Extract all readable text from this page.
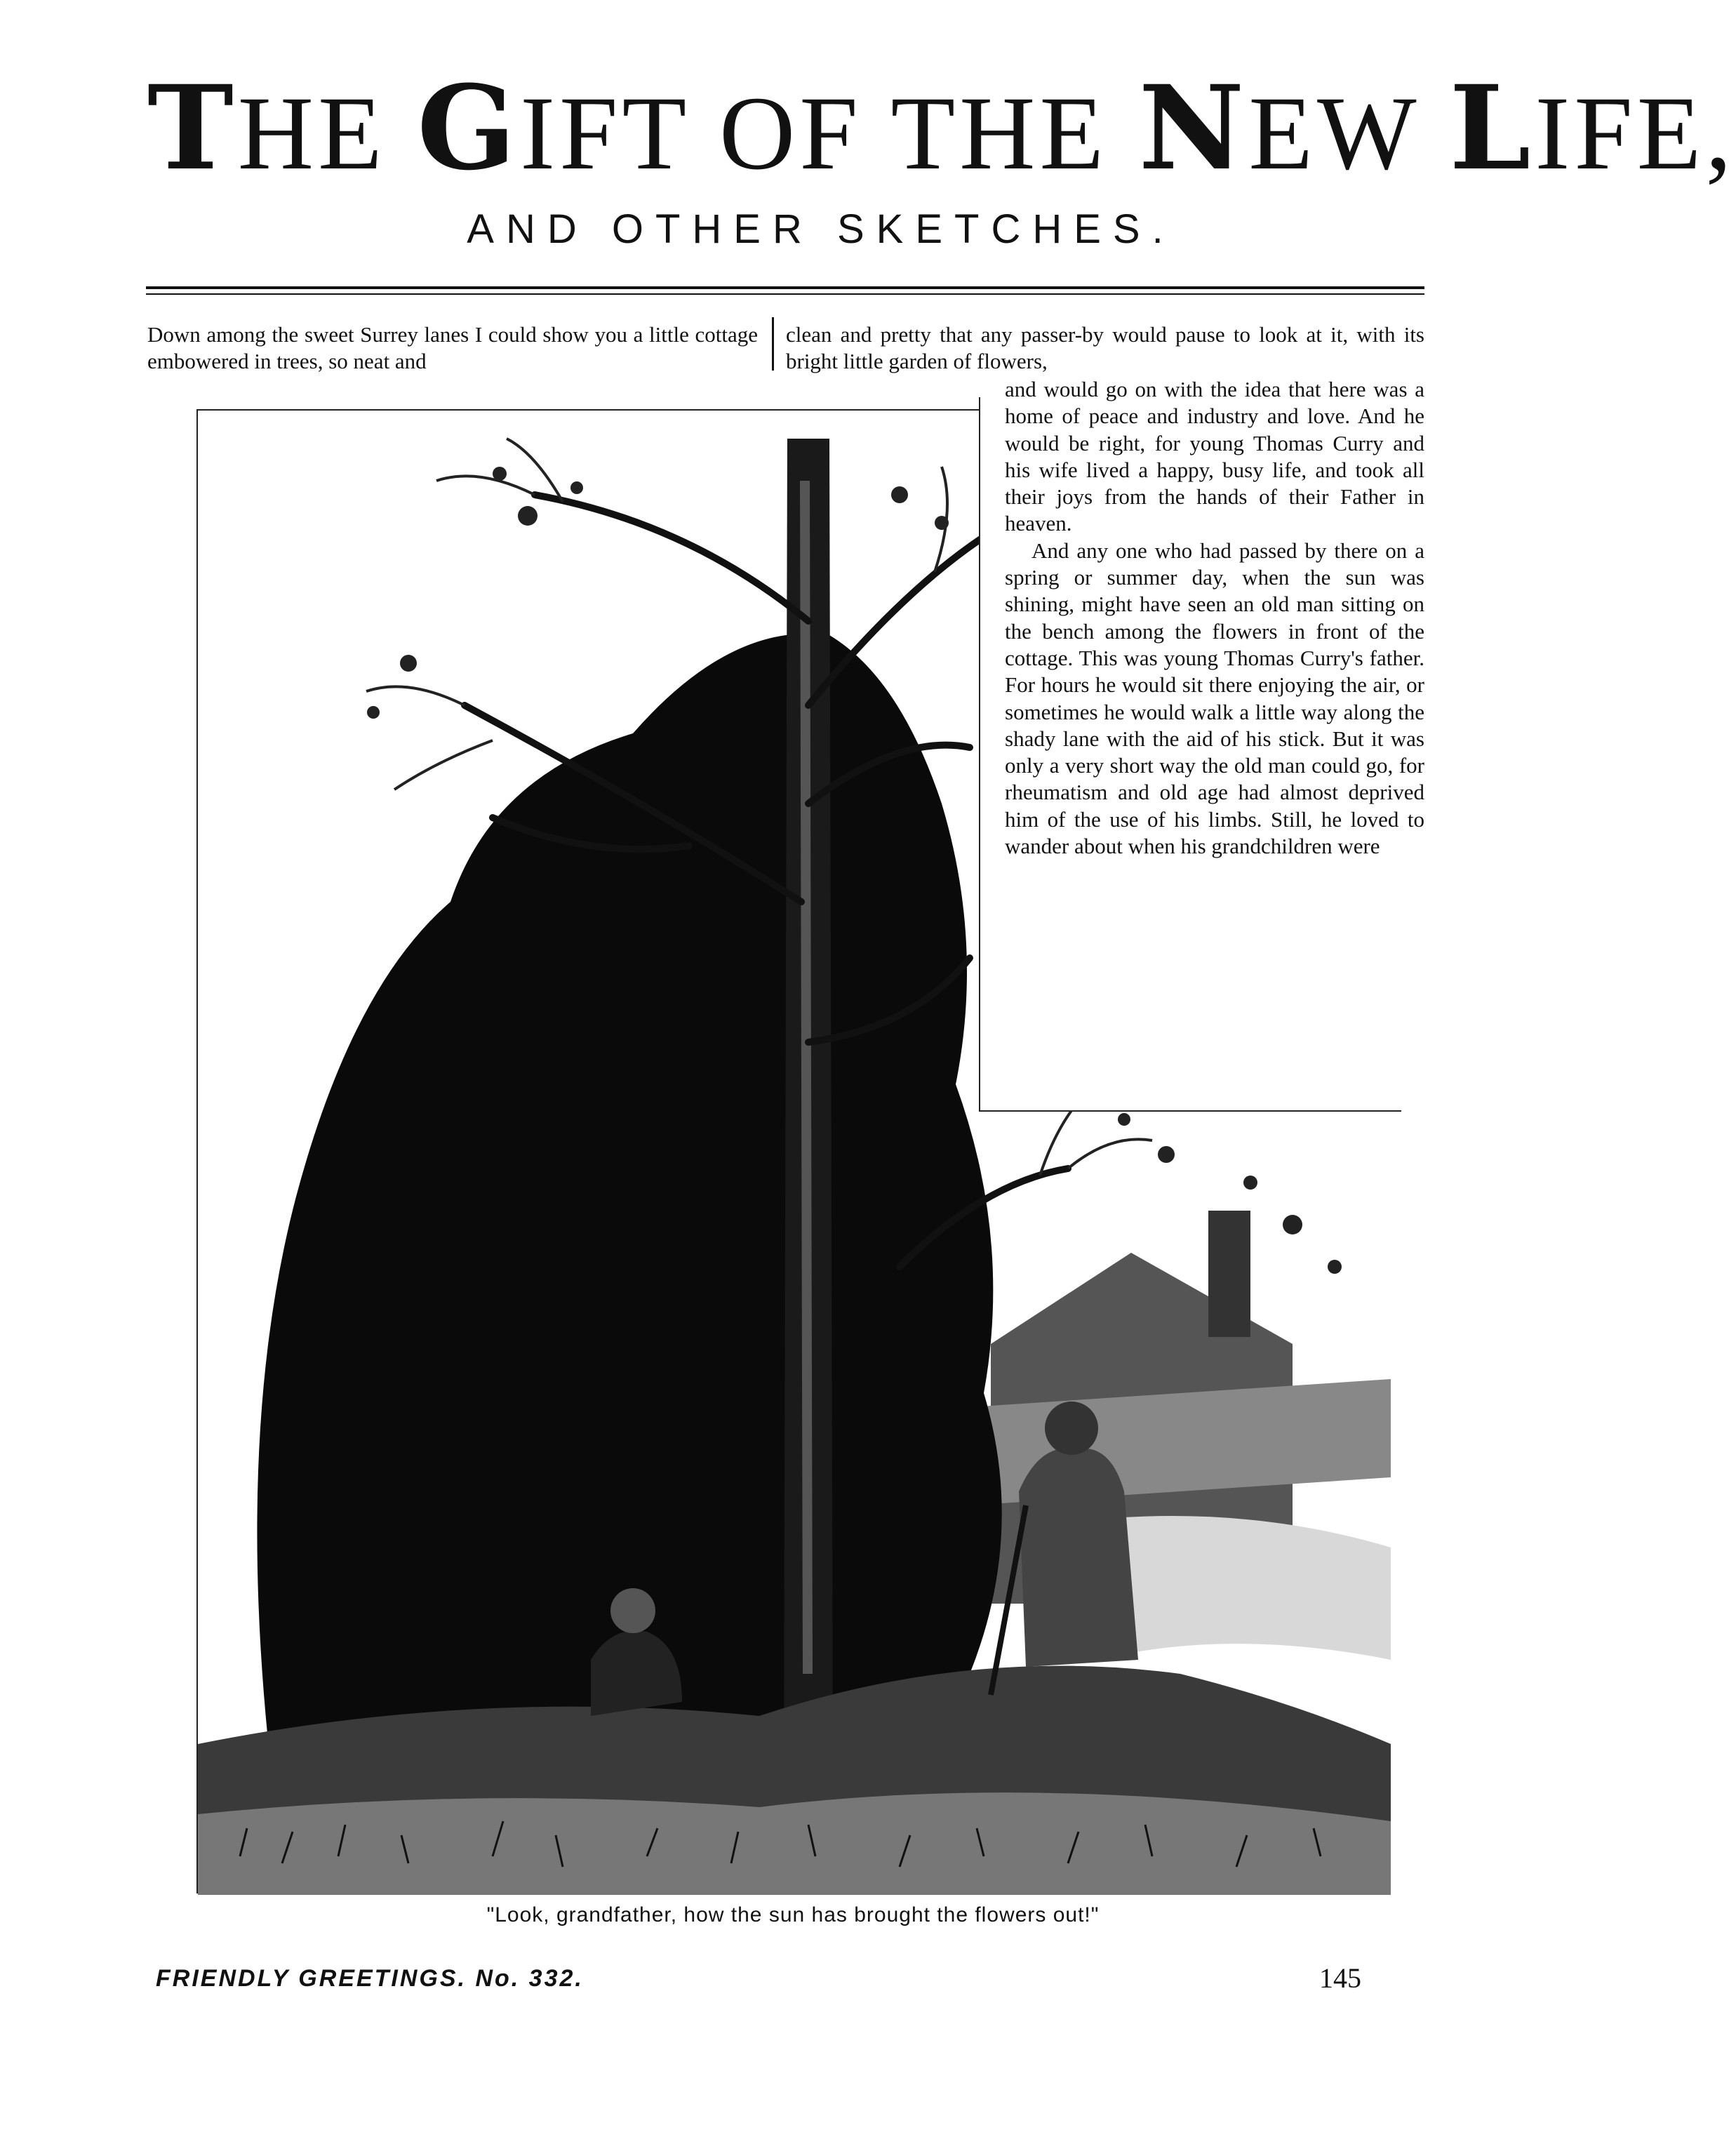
THE GIFT OF THE NEW LIFE,
AND OTHER SKETCHES.

Down among the sweet Surrey lanes I could show you a little cottage embowered in trees, so neat and

clean and pretty that any passer-by would pause to look at it, with its bright little garden of flowers,

and would go on with the idea that here was a home of peace and industry and love. And he would be right, for young Thomas Curry and his wife lived a happy, busy life, and took all their joys from the hands of their Father in heaven.

And any one who had passed by there on a spring or summer day, when the sun was shining, might have seen an old man sitting on the bench among the flowers in front of the cottage. This was young Thomas Curry's father. For hours he would sit there enjoying the air, or sometimes he would walk a little way along the shady lane with the aid of his stick. But it was only a very short way the old man could go, for rheumatism and old age had almost deprived him of the use of his limbs. Still, he loved to wander about when his grandchildren were

"Look, grandfather, how the sun has brought the flowers out!"
FRIENDLY GREETINGS. No. 332.	145
